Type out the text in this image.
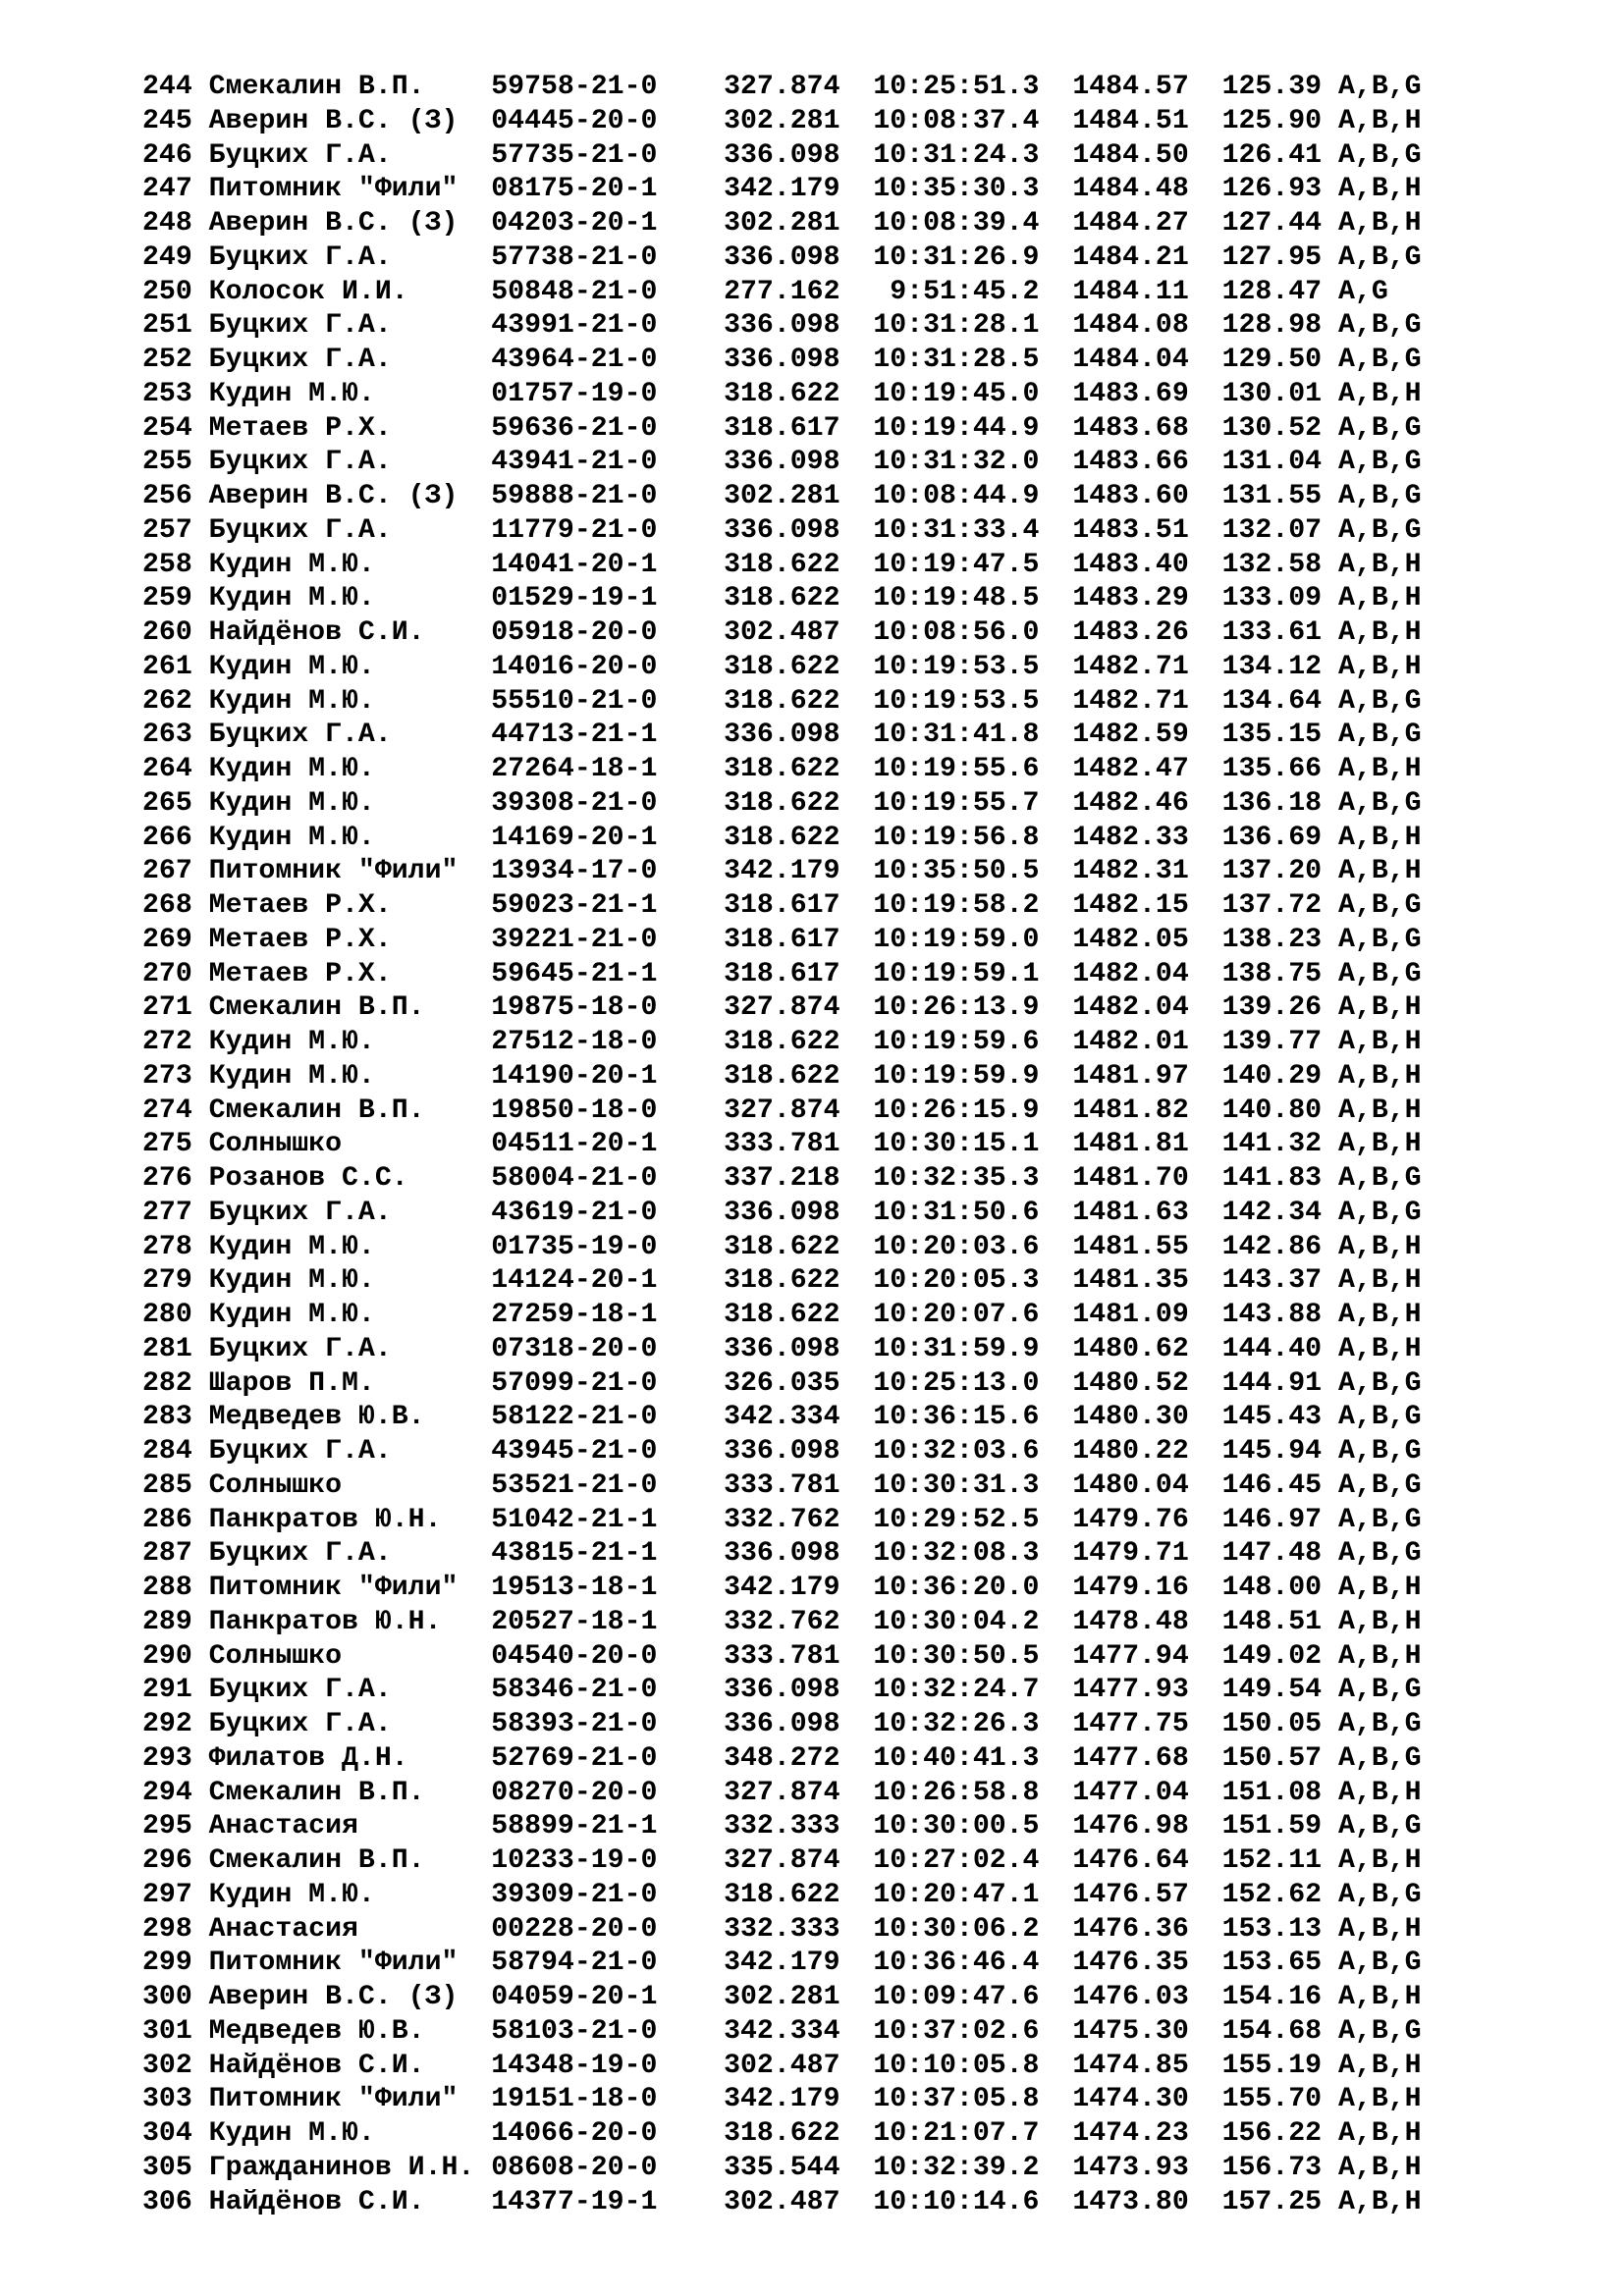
244 Смекалин В.П.    59758-21-0    327.874  10:25:51.3  1484.57  125.39 A,B,G
245 Аверин В.С. (З)  04445-20-0    302.281  10:08:37.4  1484.51  125.90 A,B,H
246 Буцких Г.А.      57735-21-0    336.098  10:31:24.3  1484.50  126.41 A,B,G
247 Питомник "Фили"  08175-20-1    342.179  10:35:30.3  1484.48  126.93 A,B,H
248 Аверин В.С. (З)  04203-20-1    302.281  10:08:39.4  1484.27  127.44 A,B,H
249 Буцких Г.А.      57738-21-0    336.098  10:31:26.9  1484.21  127.95 A,B,G
250 Колосок И.И.     50848-21-0    277.162   9:51:45.2  1484.11  128.47 A,G
251 Буцких Г.А.      43991-21-0    336.098  10:31:28.1  1484.08  128.98 A,B,G
252 Буцких Г.А.      43964-21-0    336.098  10:31:28.5  1484.04  129.50 A,B,G
253 Кудин М.Ю.       01757-19-0    318.622  10:19:45.0  1483.69  130.01 A,B,H
254 Метаев Р.Х.      59636-21-0    318.617  10:19:44.9  1483.68  130.52 A,B,G
255 Буцких Г.А.      43941-21-0    336.098  10:31:32.0  1483.66  131.04 A,B,G
256 Аверин В.С. (З)  59888-21-0    302.281  10:08:44.9  1483.60  131.55 A,B,G
257 Буцких Г.А.      11779-21-0    336.098  10:31:33.4  1483.51  132.07 A,B,G
258 Кудин М.Ю.       14041-20-1    318.622  10:19:47.5  1483.40  132.58 A,B,H
259 Кудин М.Ю.       01529-19-1    318.622  10:19:48.5  1483.29  133.09 A,B,H
260 Найдёнов С.И.    05918-20-0    302.487  10:08:56.0  1483.26  133.61 A,B,H
261 Кудин М.Ю.       14016-20-0    318.622  10:19:53.5  1482.71  134.12 A,B,H
262 Кудин М.Ю.       55510-21-0    318.622  10:19:53.5  1482.71  134.64 A,B,G
263 Буцких Г.А.      44713-21-1    336.098  10:31:41.8  1482.59  135.15 A,B,G
264 Кудин М.Ю.       27264-18-1    318.622  10:19:55.6  1482.47  135.66 A,B,H
265 Кудин М.Ю.       39308-21-0    318.622  10:19:55.7  1482.46  136.18 A,B,G
266 Кудин М.Ю.       14169-20-1    318.622  10:19:56.8  1482.33  136.69 A,B,H
267 Питомник "Фили"  13934-17-0    342.179  10:35:50.5  1482.31  137.20 A,B,H
268 Метаев Р.Х.      59023-21-1    318.617  10:19:58.2  1482.15  137.72 A,B,G
269 Метаев Р.Х.      39221-21-0    318.617  10:19:59.0  1482.05  138.23 A,B,G
270 Метаев Р.Х.      59645-21-1    318.617  10:19:59.1  1482.04  138.75 A,B,G
271 Смекалин В.П.    19875-18-0    327.874  10:26:13.9  1482.04  139.26 A,B,H
272 Кудин М.Ю.       27512-18-0    318.622  10:19:59.6  1482.01  139.77 A,B,H
273 Кудин М.Ю.       14190-20-1    318.622  10:19:59.9  1481.97  140.29 A,B,H
274 Смекалин В.П.    19850-18-0    327.874  10:26:15.9  1481.82  140.80 A,B,H
275 Солнышко         04511-20-1    333.781  10:30:15.1  1481.81  141.32 A,B,H
276 Розанов С.С.     58004-21-0    337.218  10:32:35.3  1481.70  141.83 A,B,G
277 Буцких Г.А.      43619-21-0    336.098  10:31:50.6  1481.63  142.34 A,B,G
278 Кудин М.Ю.       01735-19-0    318.622  10:20:03.6  1481.55  142.86 A,B,H
279 Кудин М.Ю.       14124-20-1    318.622  10:20:05.3  1481.35  143.37 A,B,H
280 Кудин М.Ю.       27259-18-1    318.622  10:20:07.6  1481.09  143.88 A,B,H
281 Буцких Г.А.      07318-20-0    336.098  10:31:59.9  1480.62  144.40 A,B,H
282 Шаров П.М.       57099-21-0    326.035  10:25:13.0  1480.52  144.91 A,B,G
283 Медведев Ю.В.    58122-21-0    342.334  10:36:15.6  1480.30  145.43 A,B,G
284 Буцких Г.А.      43945-21-0    336.098  10:32:03.6  1480.22  145.94 A,B,G
285 Солнышко         53521-21-0    333.781  10:30:31.3  1480.04  146.45 A,B,G
286 Панкратов Ю.Н.   51042-21-1    332.762  10:29:52.5  1479.76  146.97 A,B,G
287 Буцких Г.А.      43815-21-1    336.098  10:32:08.3  1479.71  147.48 A,B,G
288 Питомник "Фили"  19513-18-1    342.179  10:36:20.0  1479.16  148.00 A,B,H
289 Панкратов Ю.Н.   20527-18-1    332.762  10:30:04.2  1478.48  148.51 A,B,H
290 Солнышко         04540-20-0    333.781  10:30:50.5  1477.94  149.02 A,B,H
291 Буцких Г.А.      58346-21-0    336.098  10:32:24.7  1477.93  149.54 A,B,G
292 Буцких Г.А.      58393-21-0    336.098  10:32:26.3  1477.75  150.05 A,B,G
293 Филатов Д.Н.     52769-21-0    348.272  10:40:41.3  1477.68  150.57 A,B,G
294 Смекалин В.П.    08270-20-0    327.874  10:26:58.8  1477.04  151.08 A,B,H
295 Анастасия        58899-21-1    332.333  10:30:00.5  1476.98  151.59 A,B,G
296 Смекалин В.П.    10233-19-0    327.874  10:27:02.4  1476.64  152.11 A,B,H
297 Кудин М.Ю.       39309-21-0    318.622  10:20:47.1  1476.57  152.62 A,B,G
298 Анастасия        00228-20-0    332.333  10:30:06.2  1476.36  153.13 A,B,H
299 Питомник "Фили"  58794-21-0    342.179  10:36:46.4  1476.35  153.65 A,B,G
300 Аверин В.С. (З)  04059-20-1    302.281  10:09:47.6  1476.03  154.16 A,B,H
301 Медведев Ю.В.    58103-21-0    342.334  10:37:02.6  1475.30  154.68 A,B,G
302 Найдёнов С.И.    14348-19-0    302.487  10:10:05.8  1474.85  155.19 A,B,H
303 Питомник "Фили"  19151-18-0    342.179  10:37:05.8  1474.30  155.70 A,B,H
304 Кудин М.Ю.       14066-20-0    318.622  10:21:07.7  1474.23  156.22 A,B,H
305 Гражданинов И.Н. 08608-20-0    335.544  10:32:39.2  1473.93  156.73 A,B,H
306 Найдёнов С.И.    14377-19-1    302.487  10:10:14.6  1473.80  157.25 A,B,H
